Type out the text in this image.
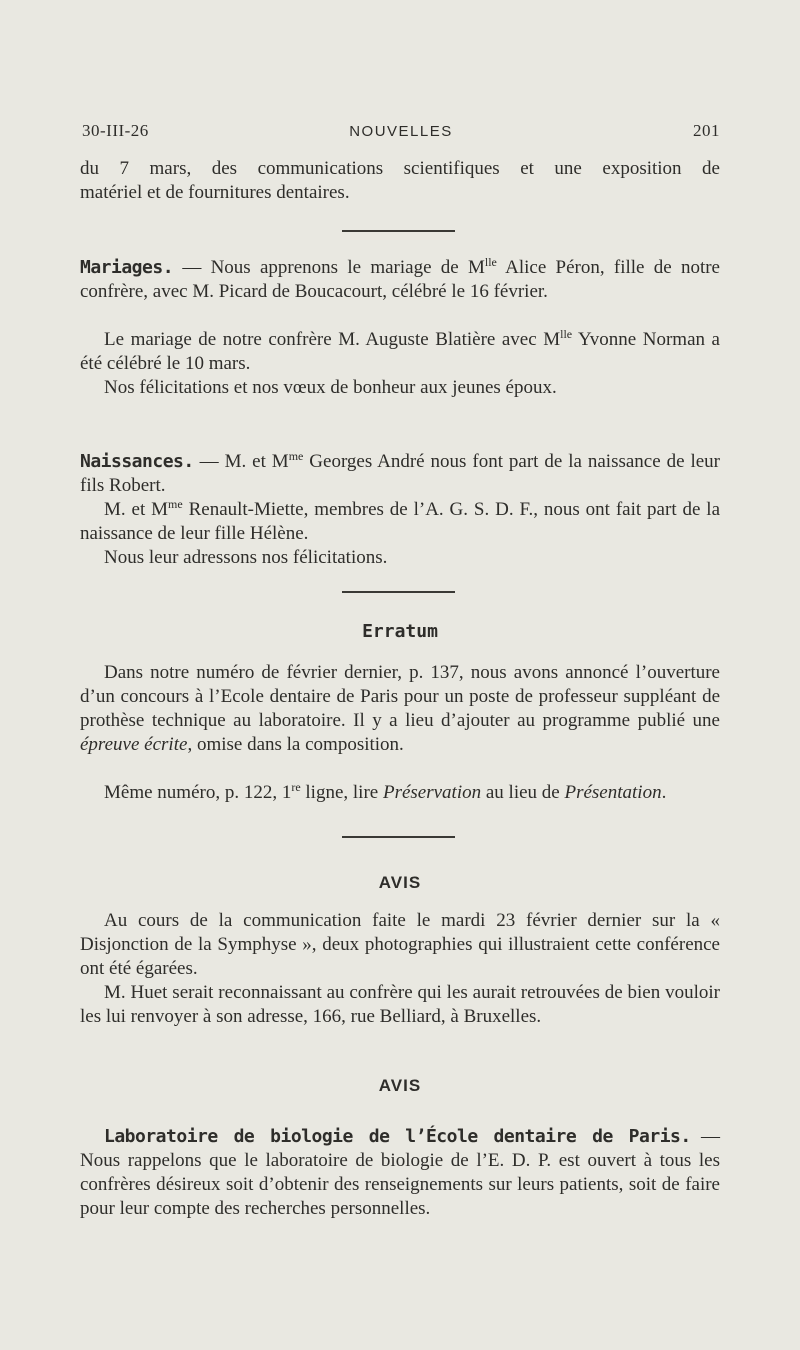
30-III-26	NOUVELLES	201
du 7 mars, des communications scientifiques et une exposition de
matériel et de fournitures dentaires.

Mariages. — Nous apprenons le mariage de $M^{lle}$ Alice Péron, fille de notre confrère, avec M. Picard de Boucacourt, célébré le 16 février.

Le mariage de notre confrère M. Auguste Blatière avec $M^{lle}$ Yvonne Norman a été célébré le 10 mars.

Nos félicitations et nos vœux de bonheur aux jeunes époux.

Naissances. — M. et $M^{me}$ Georges André nous font part de la naissance de leur fils Robert.

M. et $M^{me}$ Renault-Miette, membres de l’A. G. S. D. F., nous ont fait part de la naissance de leur fille Hélène.

Nous leur adressons nos félicitations.

Erratum

Dans notre numéro de février dernier, p. 137, nous avons annoncé l’ouverture d’un concours à l’Ecole dentaire de Paris pour un poste de professeur suppléant de prothèse technique au laboratoire. Il y a lieu d’ajouter au programme publié une épreuve écrite, omise dans la composition.

Même numéro, p. 122, 1re ligne, lire Préservation au lieu de Présentation.

AVIS

Au cours de la communication faite le mardi 23 février dernier sur la « Disjonction de la Symphyse », deux photographies qui illustraient cette conférence ont été égarées.

M. Huet serait reconnaissant au confrère qui les aurait retrouvées de bien vouloir les lui renvoyer à son adresse, 166, rue Belliard, à Bruxelles.

AVIS

Laboratoire de biologie de l’École dentaire de Paris. — Nous rappelons que le laboratoire de biologie de l’E. D. P. est ouvert à tous les confrères désireux soit d’obtenir des renseignements sur leurs patients, soit de faire pour leur compte des recherches personnelles.
